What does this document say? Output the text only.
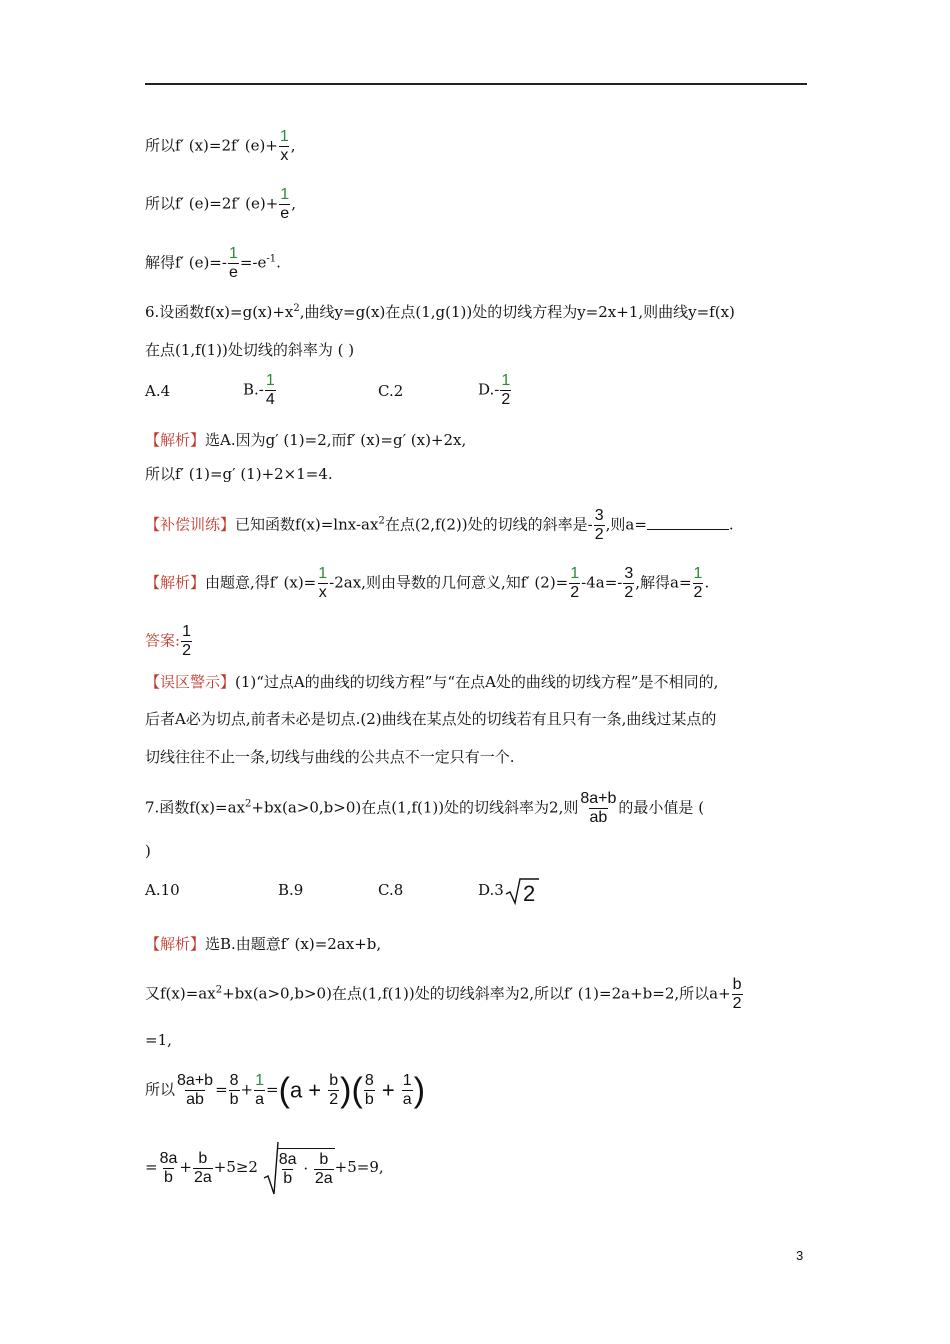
所以f′ (x)=2f′ $(e)+ \frac{1}{x}$ ,
所以f′ (e)=2f′ $(e)+ \frac{1}{e}$ ,
解得f′ $(e)=- \frac{1}{e} =-e^{-1}$.
6.设函数$f(x)=g(x)+x^2$,曲线y=g(x)在点(1,g(1))处的切线方程为y=2x+1,则曲线y=f(x)
在点(1,f(1))处切线的斜率为 ( )
A.4	$B.- \frac{1}{4}$	C.2	$D.- \frac{1}{2}$
【解析】选A.因为g′ (1)=2,而f′ (x)=g′ (x)+2x,
所以f′ (1)=g′ (1)+2×1=4.
【补偿训练】已知函数$f(x)=\ln x-ax^2$在点(2,f(2))处的切线的斜率是- $\frac{3}{2}$ ,则a=	.
【解析】由题意,得f′ $(x)= \frac{1}{x} -2ax$,则由导数的几何意义,知f′ $(2)= \frac{1}{2} -4a=- \frac{3}{2}$ ,解得$a= \frac{1}{2}$ .
答案: $\frac{1}{2}$
【误区警示】(1)“过点A的曲线的切线方程”与“在点A处的曲线的切线方程”是不相同的,
后者A必为切点,前者未必是切点.(2)曲线在某点处的切线若有且只有一条,曲线过某点的
切线往往不止一条,切线与曲线的公共点不一定只有一个.
7.函数$f(x)=ax^2+bx(a>0,b>0)$在点(1,f(1))处的切线斜率为2,则 $\frac{8a+b}{ab}$ 的最小值是 (
)
A.10	B.9	C.8	D.3 2
【解析】选B.由题意f′ (x)=2ax+b,
又$f(x)=ax^2+bx(a>0,b>0)$在点(1,f(1))处的切线斜率为2,所以f′ (1)=2a+b=2,所以$a+ \frac{b}{2}$
=1,
所以 $\frac{8a+b}{ab} = \frac{8}{b} + \frac{1}{a} =(a + \frac{b}{2}$ )( $\frac{8}{b} + \frac{1}{a}$ )
= $\frac{8a}{b} + \frac{b}{2a} +5\ge 2 \frac{8a}{b} \cdot \frac{b}{2a} +5=9$,
3
